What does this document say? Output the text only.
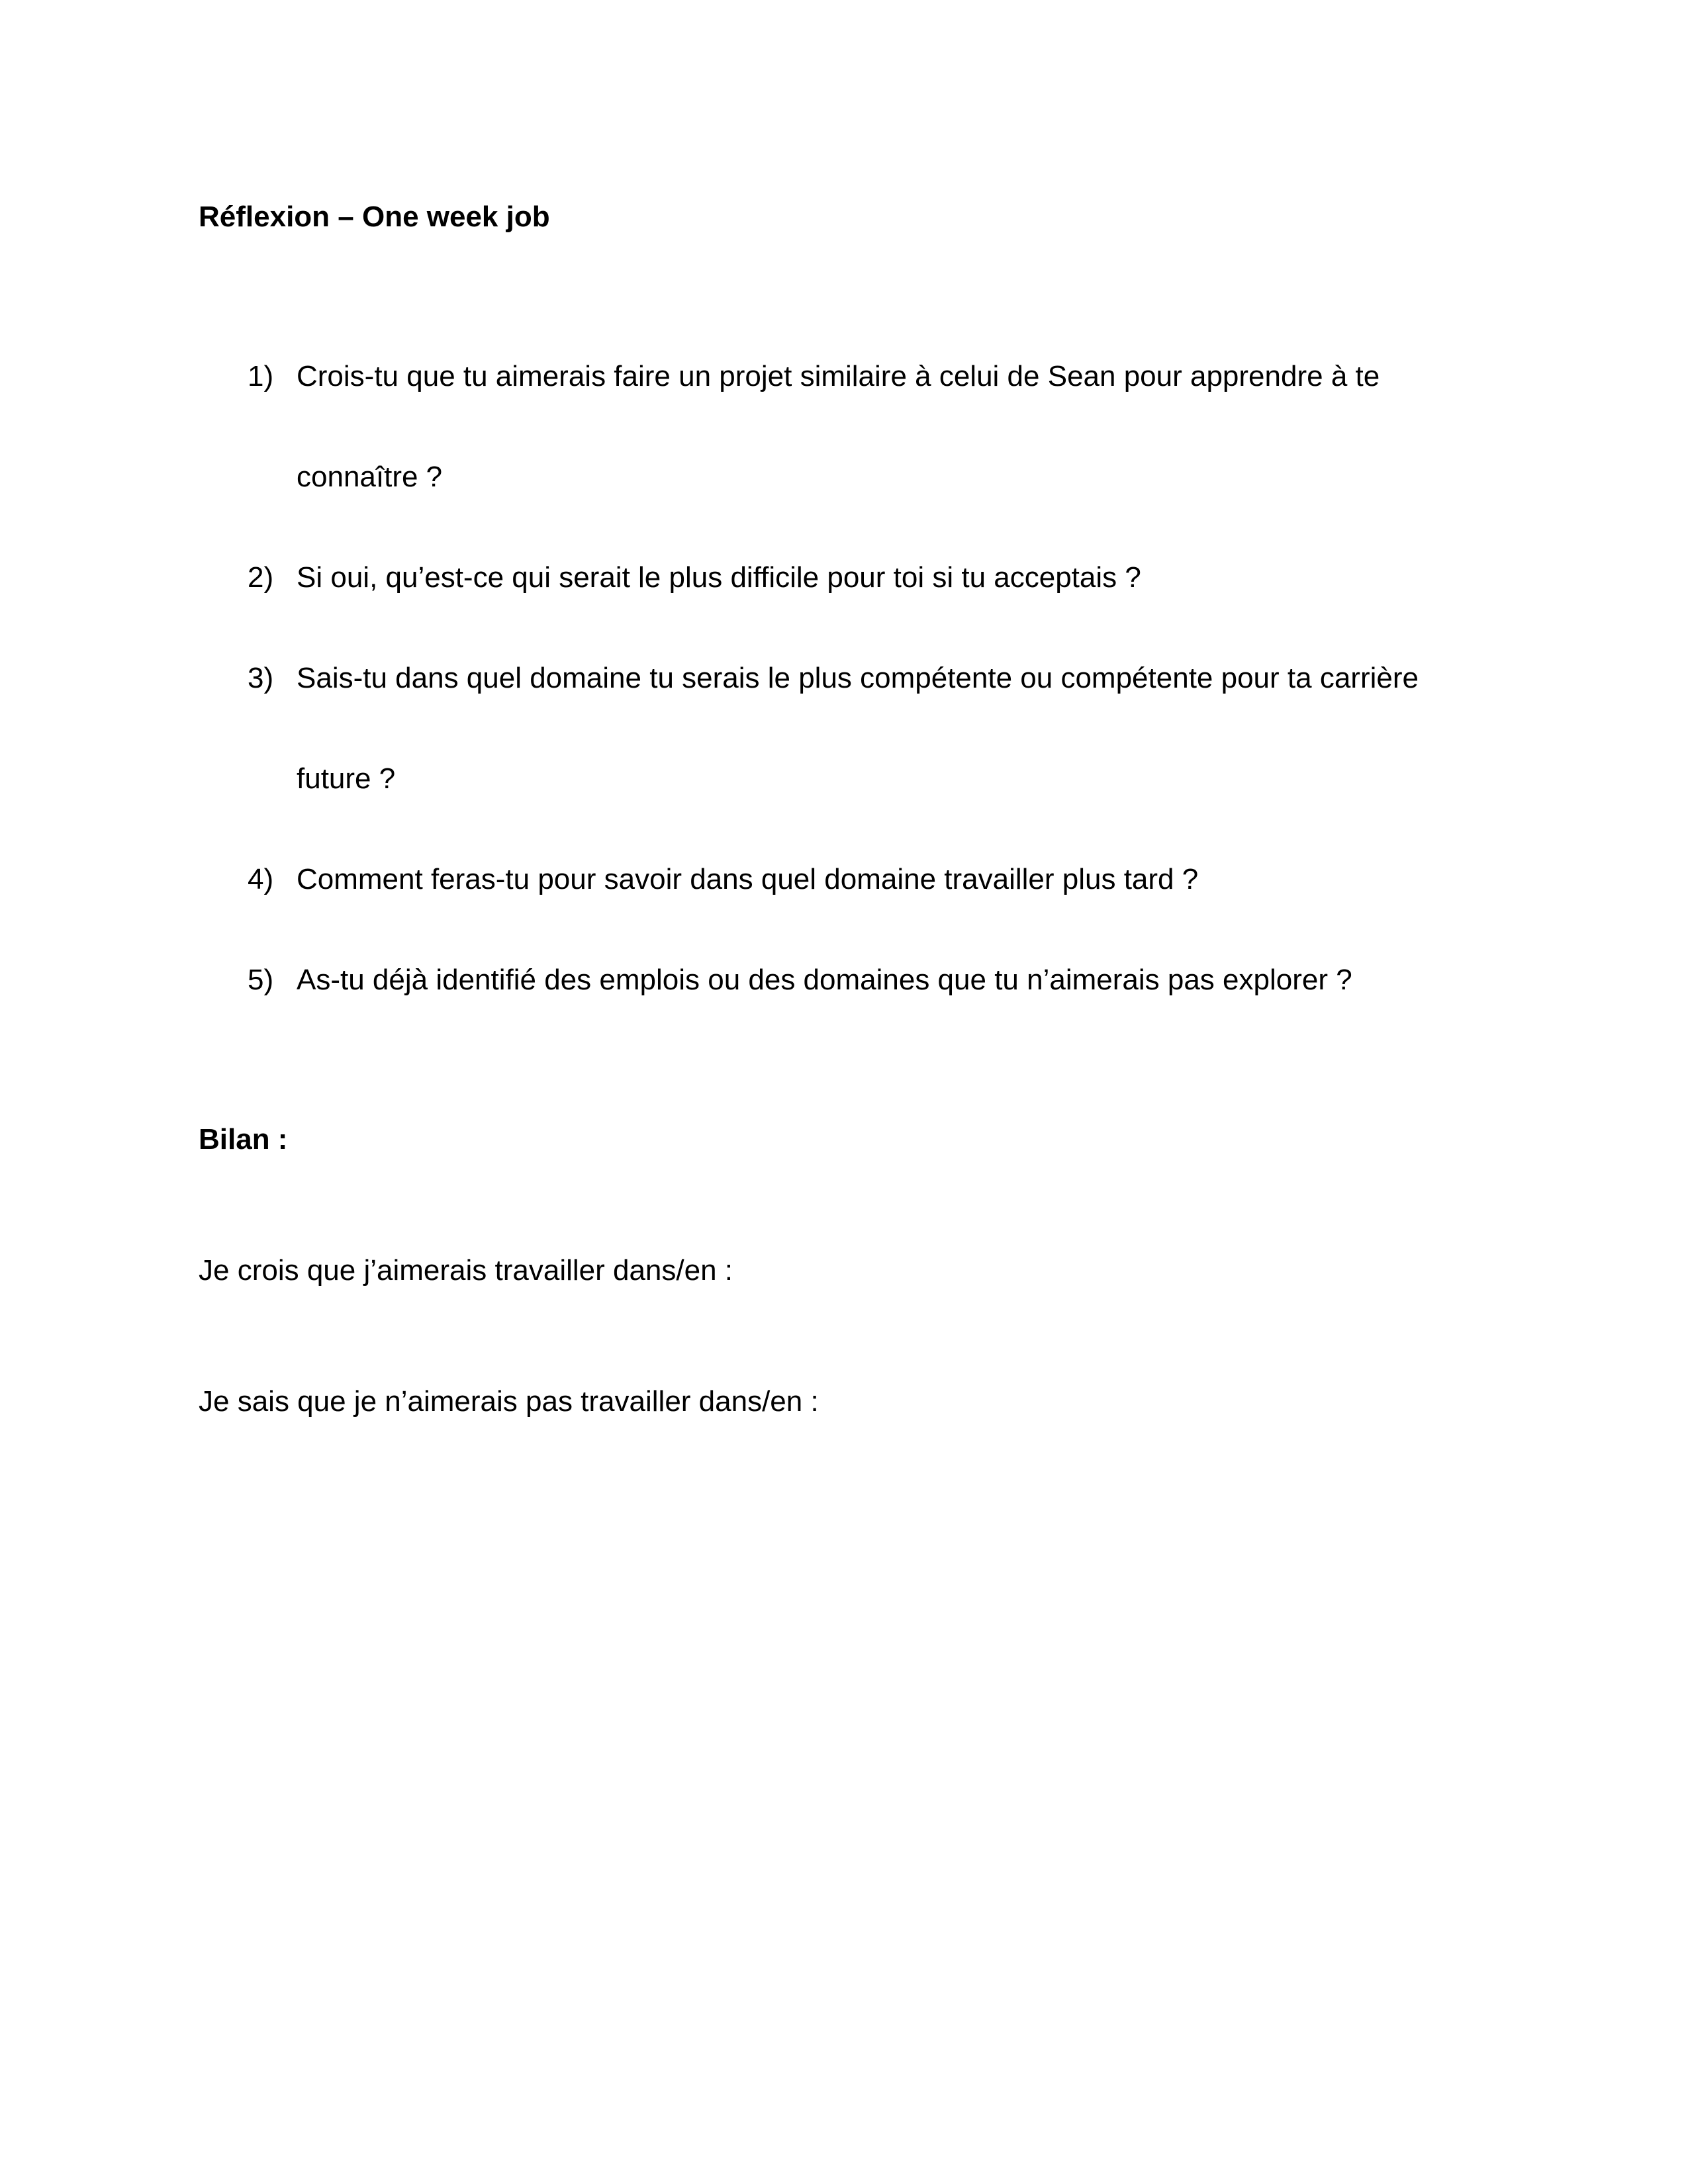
Réflexion – One week job
1) Crois-tu que tu aimerais faire un projet similaire à celui de Sean pour apprendre à te connaître ?
2) Si oui, qu’est-ce qui serait le plus difficile pour toi si tu acceptais ?
3) Sais-tu dans quel domaine tu serais le plus compétente ou compétente pour ta carrière future ?
4) Comment feras-tu pour savoir dans quel domaine travailler plus tard ?
5) As-tu déjà identifié des emplois ou des domaines que tu n’aimerais pas explorer ?
Bilan :

Je crois que j’aimerais travailler dans/en :

Je sais que je n’aimerais pas travailler dans/en :
